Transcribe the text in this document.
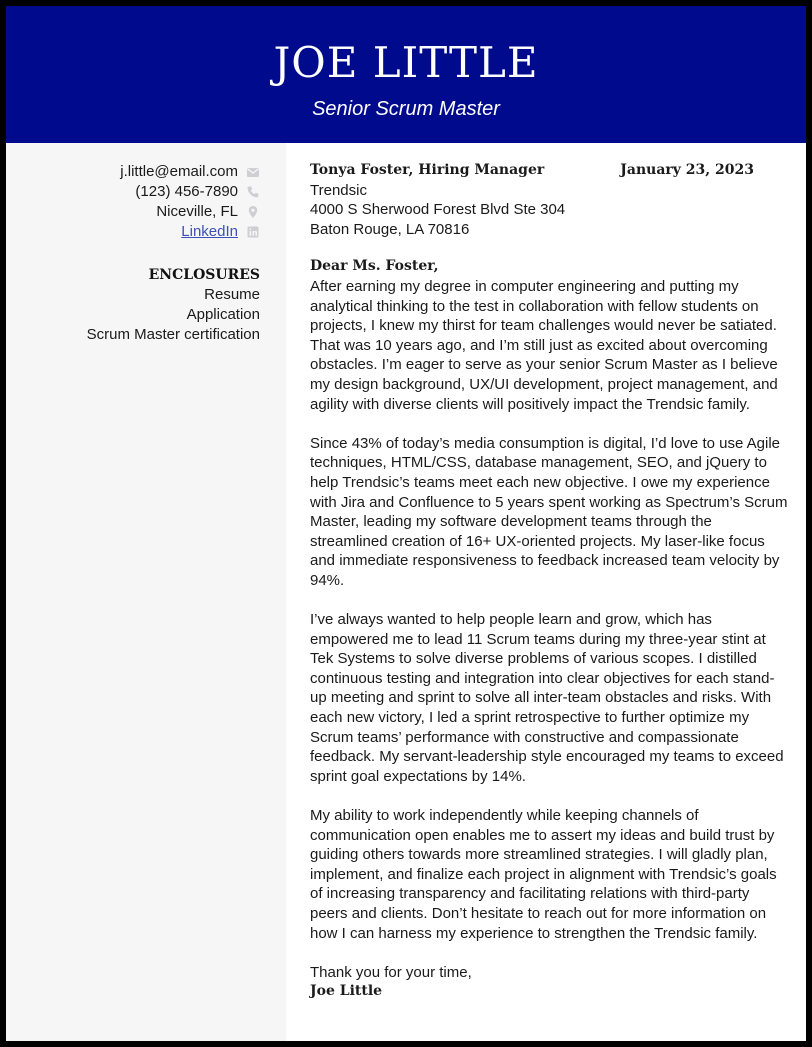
JOE LITTLE
Senior Scrum Master
j.little@email.com
(123) 456-7890
Niceville, FL
LinkedIn
ENCLOSURES
Resume
Application
Scrum Master certification
Tonya Foster, Hiring Manager	January 23, 2023
Trendsic
4000 S Sherwood Forest Blvd Ste 304
Baton Rouge, LA 70816
Dear Ms. Foster,

After earning my degree in computer engineering and putting my analytical thinking to the test in collaboration with fellow students on projects, I knew my thirst for team challenges would never be satiated. That was 10 years ago, and I’m still just as excited about overcoming obstacles. I’m eager to serve as your senior Scrum Master as I believe my design background, UX/UI development, project management, and agility with diverse clients will positively impact the Trendsic family.

Since 43% of today’s media consumption is digital, I’d love to use Agile techniques, HTML/CSS, database management, SEO, and jQuery to help Trendsic’s teams meet each new objective. I owe my experience with Jira and Confluence to 5 years spent working as Spectrum’s Scrum Master, leading my software development teams through the streamlined creation of 16+ UX-oriented projects. My laser-like focus and immediate responsiveness to feedback increased team velocity by 94%.

I’ve always wanted to help people learn and grow, which has empowered me to lead 11 Scrum teams during my three-year stint at Tek Systems to solve diverse problems of various scopes. I distilled continuous testing and integration into clear objectives for each stand-up meeting and sprint to solve all inter-team obstacles and risks. With each new victory, I led a sprint retrospective to further optimize my Scrum teams’ performance with constructive and compassionate feedback. My servant-leadership style encouraged my teams to exceed sprint goal expectations by 14%.

My ability to work independently while keeping channels of communication open enables me to assert my ideas and build trust by guiding others towards more streamlined strategies. I will gladly plan, implement, and finalize each project in alignment with Trendsic’s goals of increasing transparency and facilitating relations with third-party peers and clients. Don’t hesitate to reach out for more information on how I can harness my experience to strengthen the Trendsic family.

Thank you for your time,
Joe Little
